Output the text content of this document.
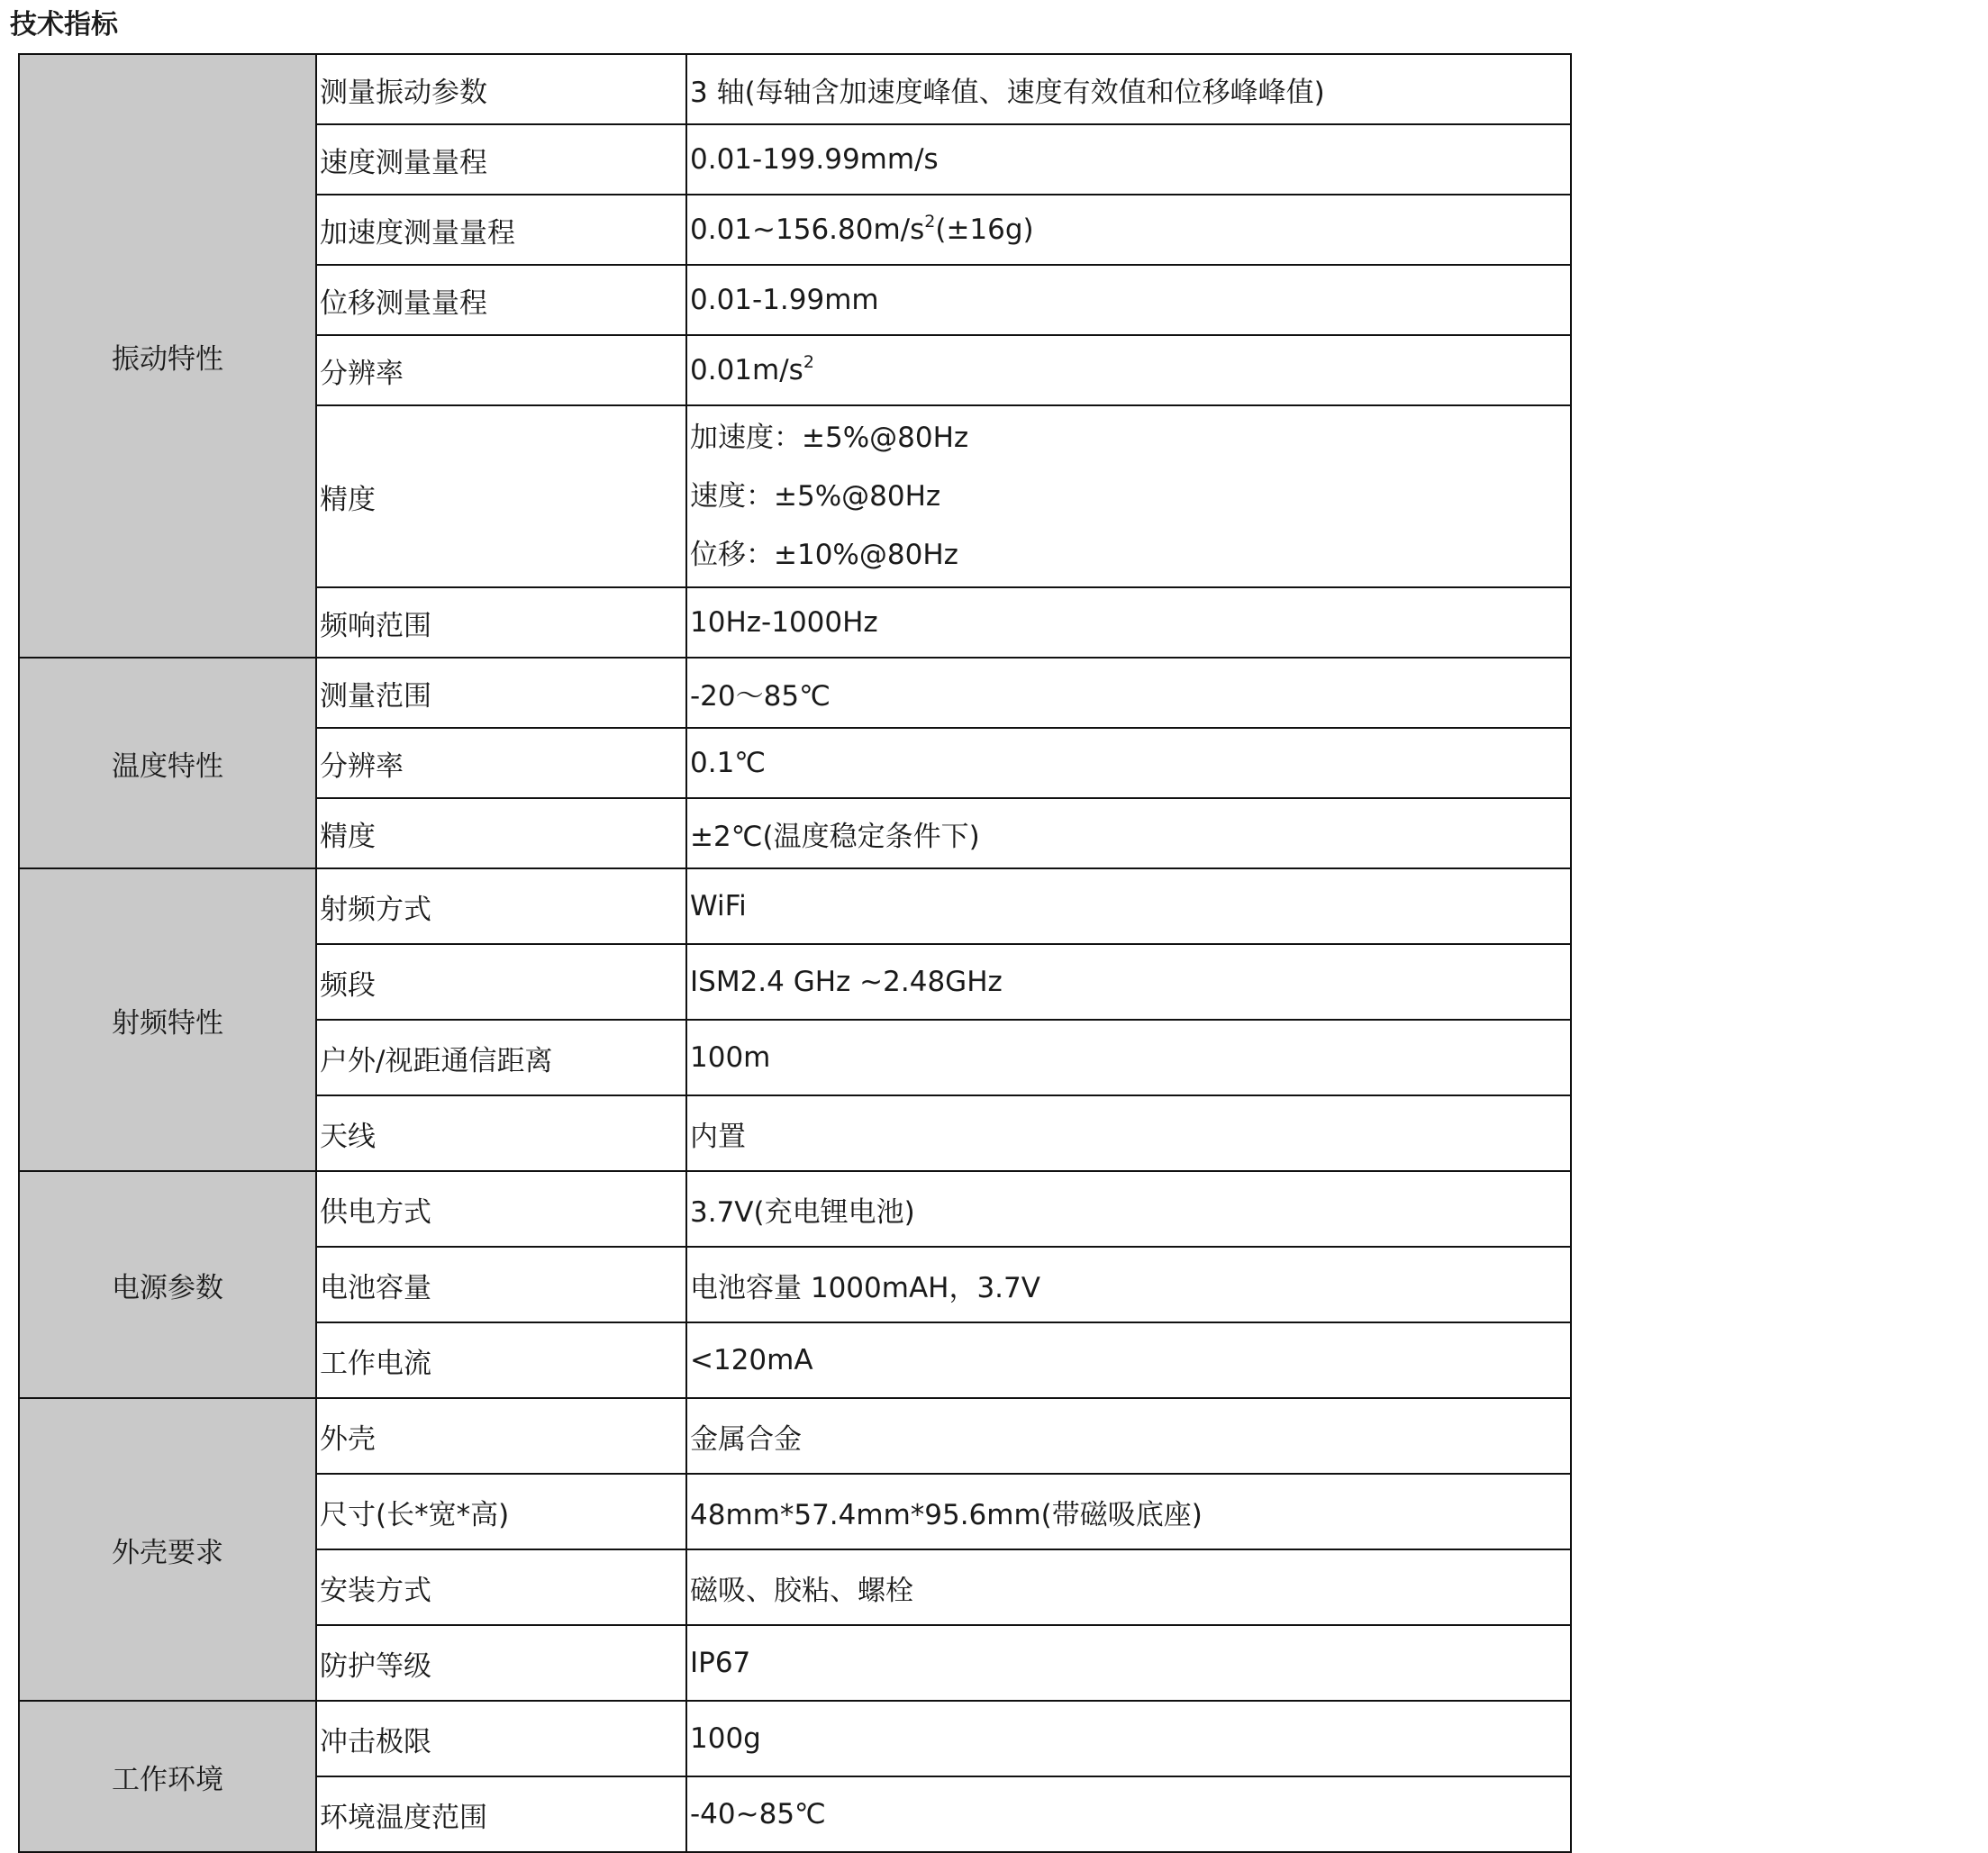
技术指标
振动特性	测量振动参数	3 轴(每轴含加速度峰值、速度有效值和位移峰峰值)
	速度测量量程	0.01-199.99mm/s
	加速度测量量程	$0.01\sim 156.80m/s^2(\pm 16g)$
	位移测量量程	0.01-1.99mm
	分辨率	$0.01m/s^2$
	精度	加速度：±5%@80Hz
速度：±5%@80Hz
位移：±10%@80Hz

	频响范围	10Hz-1000Hz
温度特性	测量范围	-20～85℃
	分辨率	0.1℃
	精度	±2℃(温度稳定条件下)
射频特性	射频方式	WiFi
	频段	ISM2.4 GHz ~2.48GHz
	户外/视距通信距离	100m
	天线	内置
电源参数	供电方式	3.7V(充电锂电池)
	电池容量	电池容量 1000mAH，3.7V
	工作电流	<120mA
外壳要求	外壳	金属合金
	尺寸(长*宽*高)	48mm*57.4mm*95.6mm(带磁吸底座)
	安装方式	磁吸、胶粘、螺栓
	防护等级	IP67
工作环境	冲击极限	100g
	环境温度范围	-40~85℃
